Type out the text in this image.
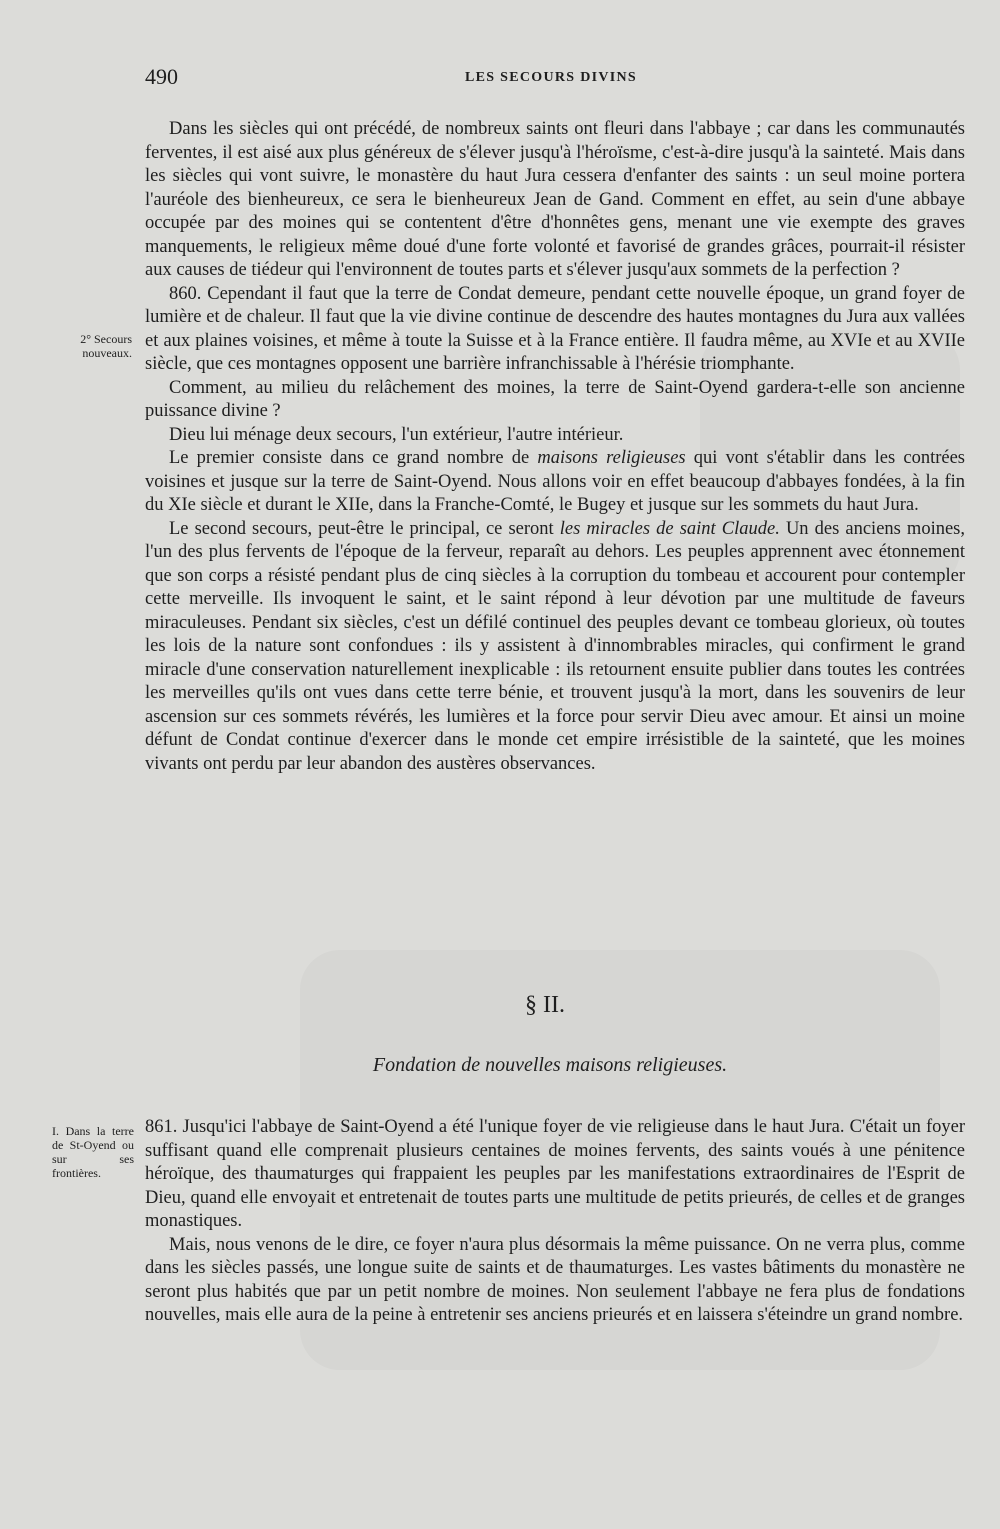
490	LES SECOURS DIVINS
2° Secours nouveaux.

Dans les siècles qui ont précédé, de nombreux saints ont fleuri dans l'abbaye ; car dans les communautés ferventes, il est aisé aux plus généreux de s'élever jusqu'à l'héroïsme, c'est-à-dire jusqu'à la sainteté. Mais dans les siècles qui vont suivre, le monastère du haut Jura cessera d'enfanter des saints : un seul moine portera l'auréole des bienheureux, ce sera le bienheureux Jean de Gand. Comment en effet, au sein d'une abbaye occupée par des moines qui se contentent d'être d'honnêtes gens, menant une vie exempte des graves manquements, le religieux même doué d'une forte volonté et favorisé de grandes grâces, pourrait-il résister aux causes de tiédeur qui l'environnent de toutes parts et s'élever jusqu'aux sommets de la perfection ?

860. Cependant il faut que la terre de Condat demeure, pendant cette nouvelle époque, un grand foyer de lumière et de chaleur. Il faut que la vie divine continue de descendre des hautes montagnes du Jura aux vallées et aux plaines voisines, et même à toute la Suisse et à la France entière. Il faudra même, au XVIe et au XVIIe siècle, que ces montagnes opposent une barrière infranchissable à l'hérésie triomphante.

Comment, au milieu du relâchement des moines, la terre de Saint-Oyend gardera-t-elle son ancienne puissance divine ?

Dieu lui ménage deux secours, l'un extérieur, l'autre intérieur.

Le premier consiste dans ce grand nombre de maisons religieuses qui vont s'établir dans les contrées voisines et jusque sur la terre de Saint-Oyend. Nous allons voir en effet beaucoup d'abbayes fondées, à la fin du XIe siècle et durant le XIIe, dans la Franche-Comté, le Bugey et jusque sur les sommets du haut Jura.

Le second secours, peut-être le principal, ce seront les miracles de saint Claude. Un des anciens moines, l'un des plus fervents de l'époque de la ferveur, reparaît au dehors. Les peuples apprennent avec étonnement que son corps a résisté pendant plus de cinq siècles à la corruption du tombeau et accourent pour contempler cette merveille. Ils invoquent le saint, et le saint répond à leur dévotion par une multitude de faveurs miraculeuses. Pendant six siècles, c'est un défilé continuel des peuples devant ce tombeau glorieux, où toutes les lois de la nature sont confondues : ils y assistent à d'innombrables miracles, qui confirment le grand miracle d'une conservation naturellement inexplicable : ils retournent ensuite publier dans toutes les contrées les merveilles qu'ils ont vues dans cette terre bénie, et trouvent jusqu'à la mort, dans les souvenirs de leur ascension sur ces sommets révérés, les lumières et la force pour servir Dieu avec amour. Et ainsi un moine défunt de Condat continue d'exercer dans le monde cet empire irrésistible de la sainteté, que les moines vivants ont perdu par leur abandon des austères observances.

§ II.
Fondation de nouvelles maisons religieuses.
I. Dans la terre de St-Oyend ou sur ses frontières.

861. Jusqu'ici l'abbaye de Saint-Oyend a été l'unique foyer de vie religieuse dans le haut Jura. C'était un foyer suffisant quand elle comprenait plusieurs centaines de moines fervents, des saints voués à une pénitence héroïque, des thaumaturges qui frappaient les peuples par les manifestations extraordinaires de l'Esprit de Dieu, quand elle envoyait et entretenait de toutes parts une multitude de petits prieurés, de celles et de granges monastiques.

Mais, nous venons de le dire, ce foyer n'aura plus désormais la même puissance. On ne verra plus, comme dans les siècles passés, une longue suite de saints et de thaumaturges. Les vastes bâtiments du monastère ne seront plus habités que par un petit nombre de moines. Non seulement l'abbaye ne fera plus de fondations nouvelles, mais elle aura de la peine à entretenir ses anciens prieurés et en laissera s'éteindre un grand nombre.
